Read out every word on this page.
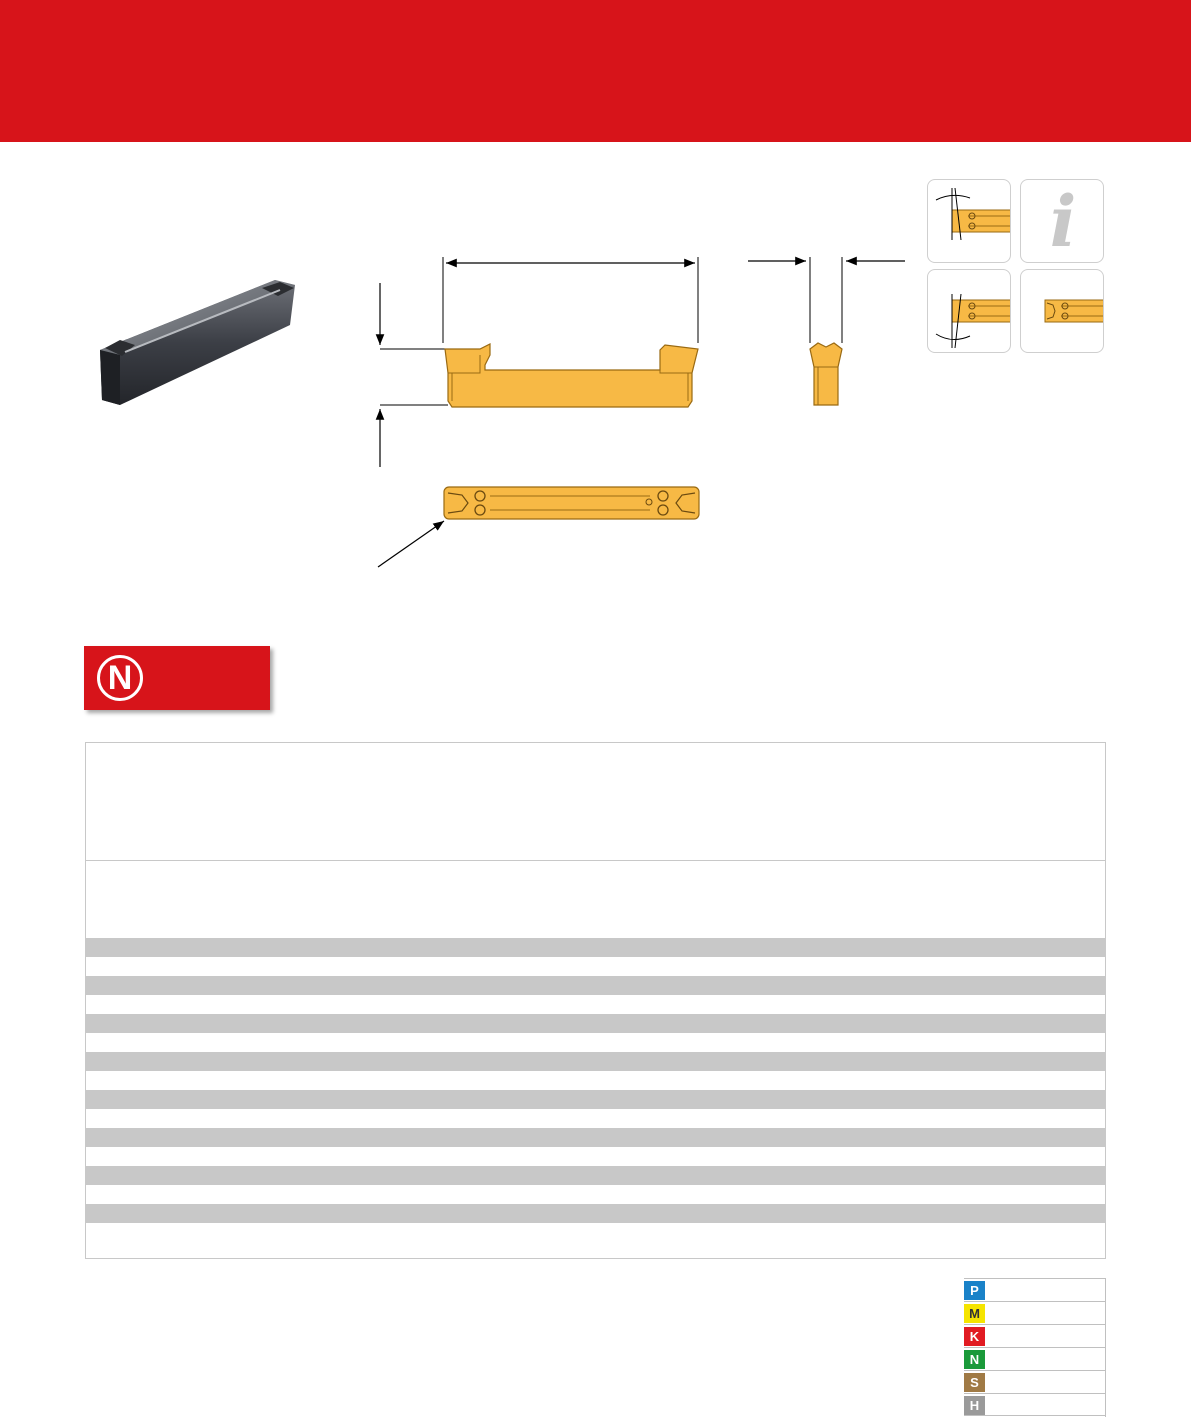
i
N
P
M
K
N
S
H
